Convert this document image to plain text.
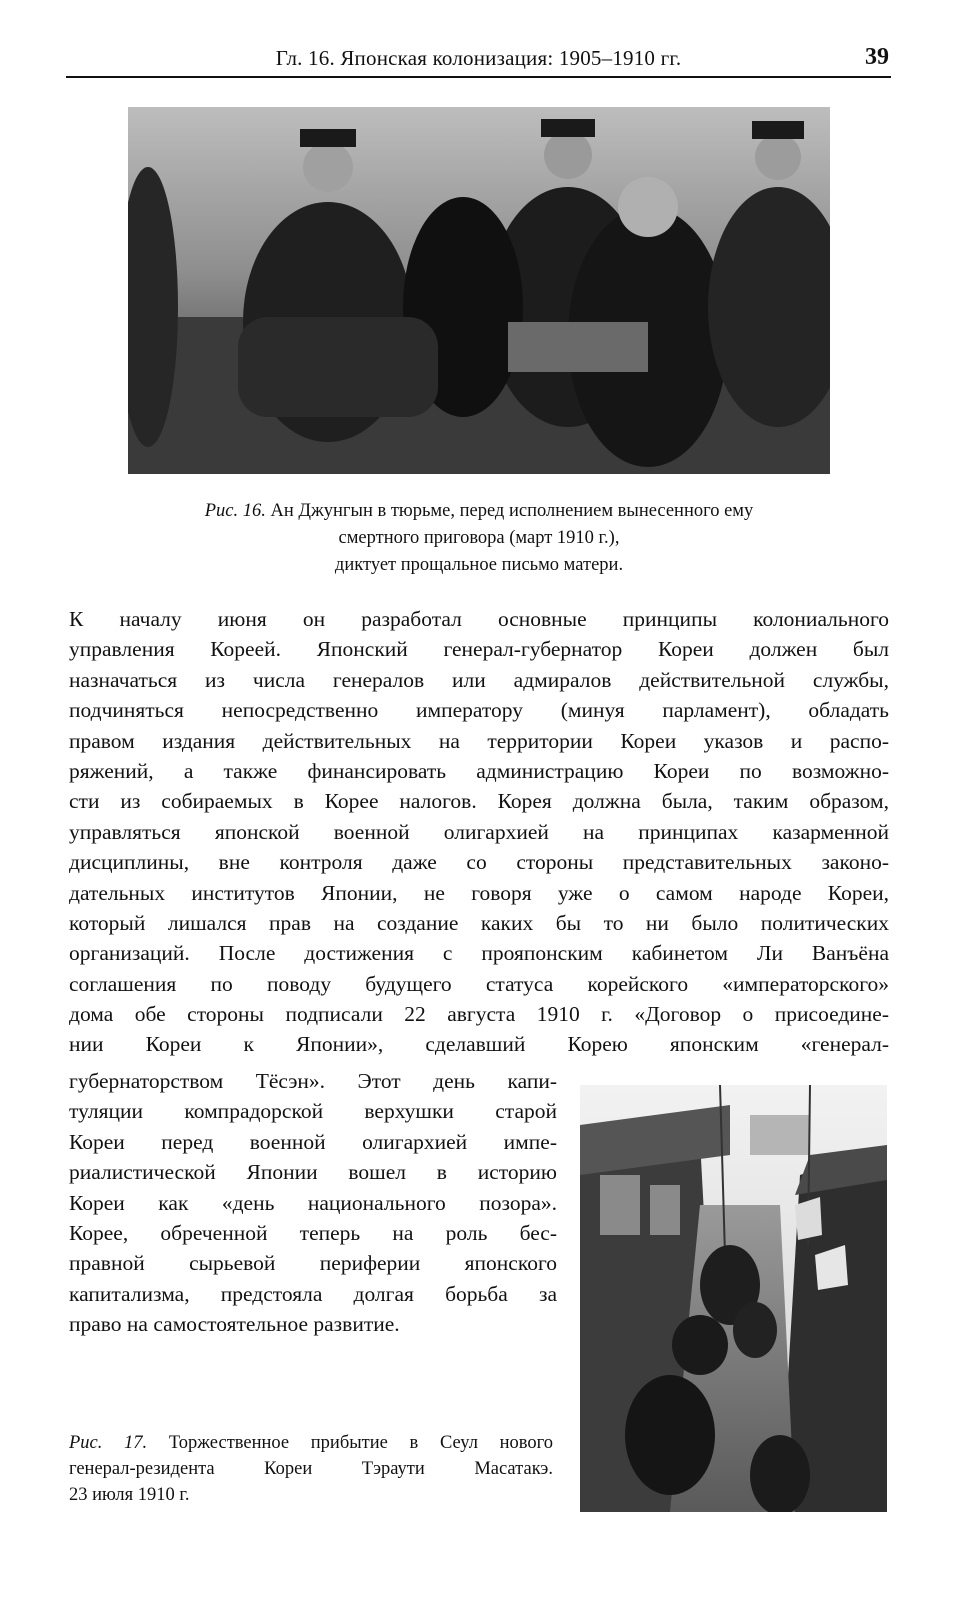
Гл. 16. Японская колонизация: 1905–1910 гг.	39
Рис. 16. Ан Джунгын в тюрьме, перед исполнением вынесенного ему
смертного приговора (март 1910 г.),
диктует прощальное письмо матери.
К началу июня он разработал основные принципы колониального
управления Кореей. Японский генерал-губернатор Кореи должен был
назначаться из числа генералов или адмиралов действительной службы,
подчиняться непосредственно императору (минуя парламент), обладать
правом издания действительных на территории Кореи указов и распо-
ряжений, а также финансировать администрацию Кореи по возможно-
сти из собираемых в Корее налогов. Корея должна была, таким образом,
управляться японской военной олигархией на принципах казарменной
дисциплины, вне контроля даже со стороны представительных законо-
дательных институтов Японии, не говоря уже о самом народе Кореи,
который лишался прав на создание каких бы то ни было политических
организаций. После достижения с прояпонским кабинетом Ли Ванъёна
соглашения по поводу будущего статуса корейского «императорского»
дома обе стороны подписали 22 августа 1910 г. «Договор о присоедине-
нии Кореи к Японии», сделавший Корею японским «генерал-
губернаторством Тёсэн». Этот день капи-
туляции компрадорской верхушки старой
Кореи перед военной олигархией импе-
риалистической Японии вошел в историю
Кореи как «день национального позора».
Корее, обреченной теперь на роль бес-
правной сырьевой периферии японского
капитализма, предстояла долгая борьба за
право на самостоятельное развитие.
Рис. 17. Торжественное прибытие в Сеул нового
генерал-резидента Кореи Тэраути Масатакэ.
23 июля 1910 г.
